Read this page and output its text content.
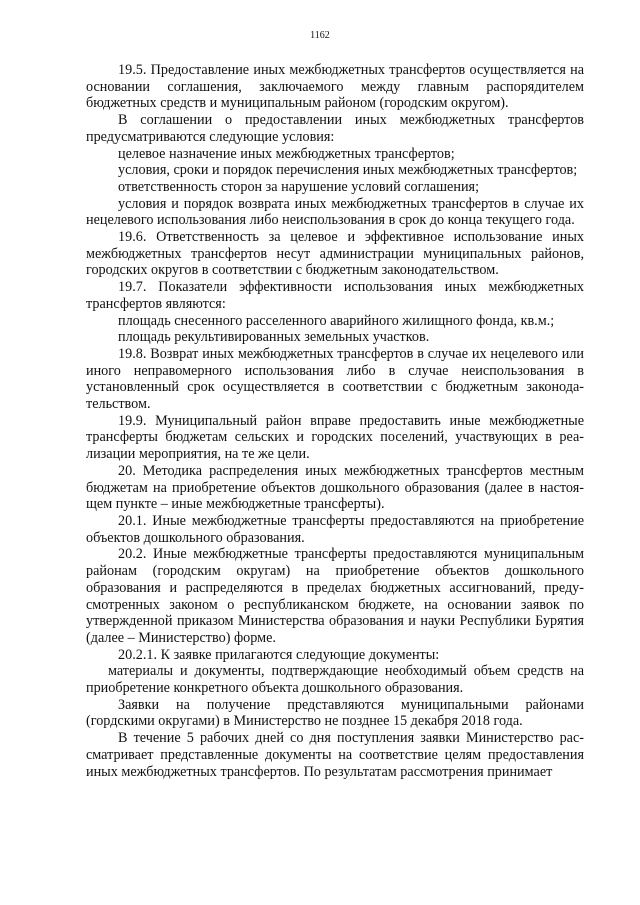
1162

19.5. Предоставление иных межбюджетных трансфертов осуществляется на основании соглашения, заключаемого между главным распорядителем бюджетных средств и муниципальным районом (городским округом).

В соглашении о предоставлении иных межбюджетных трансфертов предусматриваются следующие условия:

целевое назначение иных межбюджетных трансфертов;

условия, сроки и порядок перечисления иных межбюджетных трансфертов;

ответственность сторон за нарушение условий соглашения;

условия и порядок возврата иных межбюджетных трансфертов в случае их нецелевого использования либо неиспользования в срок до конца текущего года.

19.6. Ответственность за целевое и эффективное использование иных межбюджетных трансфертов несут администрации муниципальных районов, городских округов в соответствии с бюджетным законодательством.

19.7. Показатели эффективности использования иных межбюджетных трансфертов являются:

площадь снесенного расселенного аварийного жилищного фонда, кв.м.;

площадь рекультивированных земельных участков.

19.8. Возврат иных межбюджетных трансфертов в случае их нецелевого или иного неправомерного использования либо в случае неиспользования в установленный срок осуществляется в соответствии с бюджетным законодательством.

19.9. Муниципальный район вправе предоставить иные межбюджетные трансферты бюджетам сельских и городских поселений, участвующих в реализации мероприятия, на те же цели.

20. Методика распределения иных межбюджетных трансфертов местным бюджетам на приобретение объектов дошкольного образования (далее в настоящем пункте – иные межбюджетные трансферты).

20.1. Иные межбюджетные трансферты предоставляются на приобретение объектов дошкольного образования.

20.2. Иные межбюджетные трансферты предоставляются муниципальным районам (городским округам) на приобретение объектов дошкольного образования и распределяются в пределах бюджетных ассигнований, предусмотренных законом о республиканском бюджете, на основании заявок по утвержденной приказом Министерства образования и науки Республики Бурятия (далее – Министерство) форме.

20.2.1. К заявке прилагаются следующие документы:

материалы и документы, подтверждающие необходимый объем средств на приобретение конкретного объекта дошкольного образования.

Заявки на получение представляются муниципальными районами (гордскими округами) в Министерство не позднее 15 декабря 2018 года.

В течение 5 рабочих дней со дня поступления заявки Министерство рассматривает представленные документы на соответствие целям предоставления иных межбюджетных трансфертов. По результатам рассмотрения принимает
